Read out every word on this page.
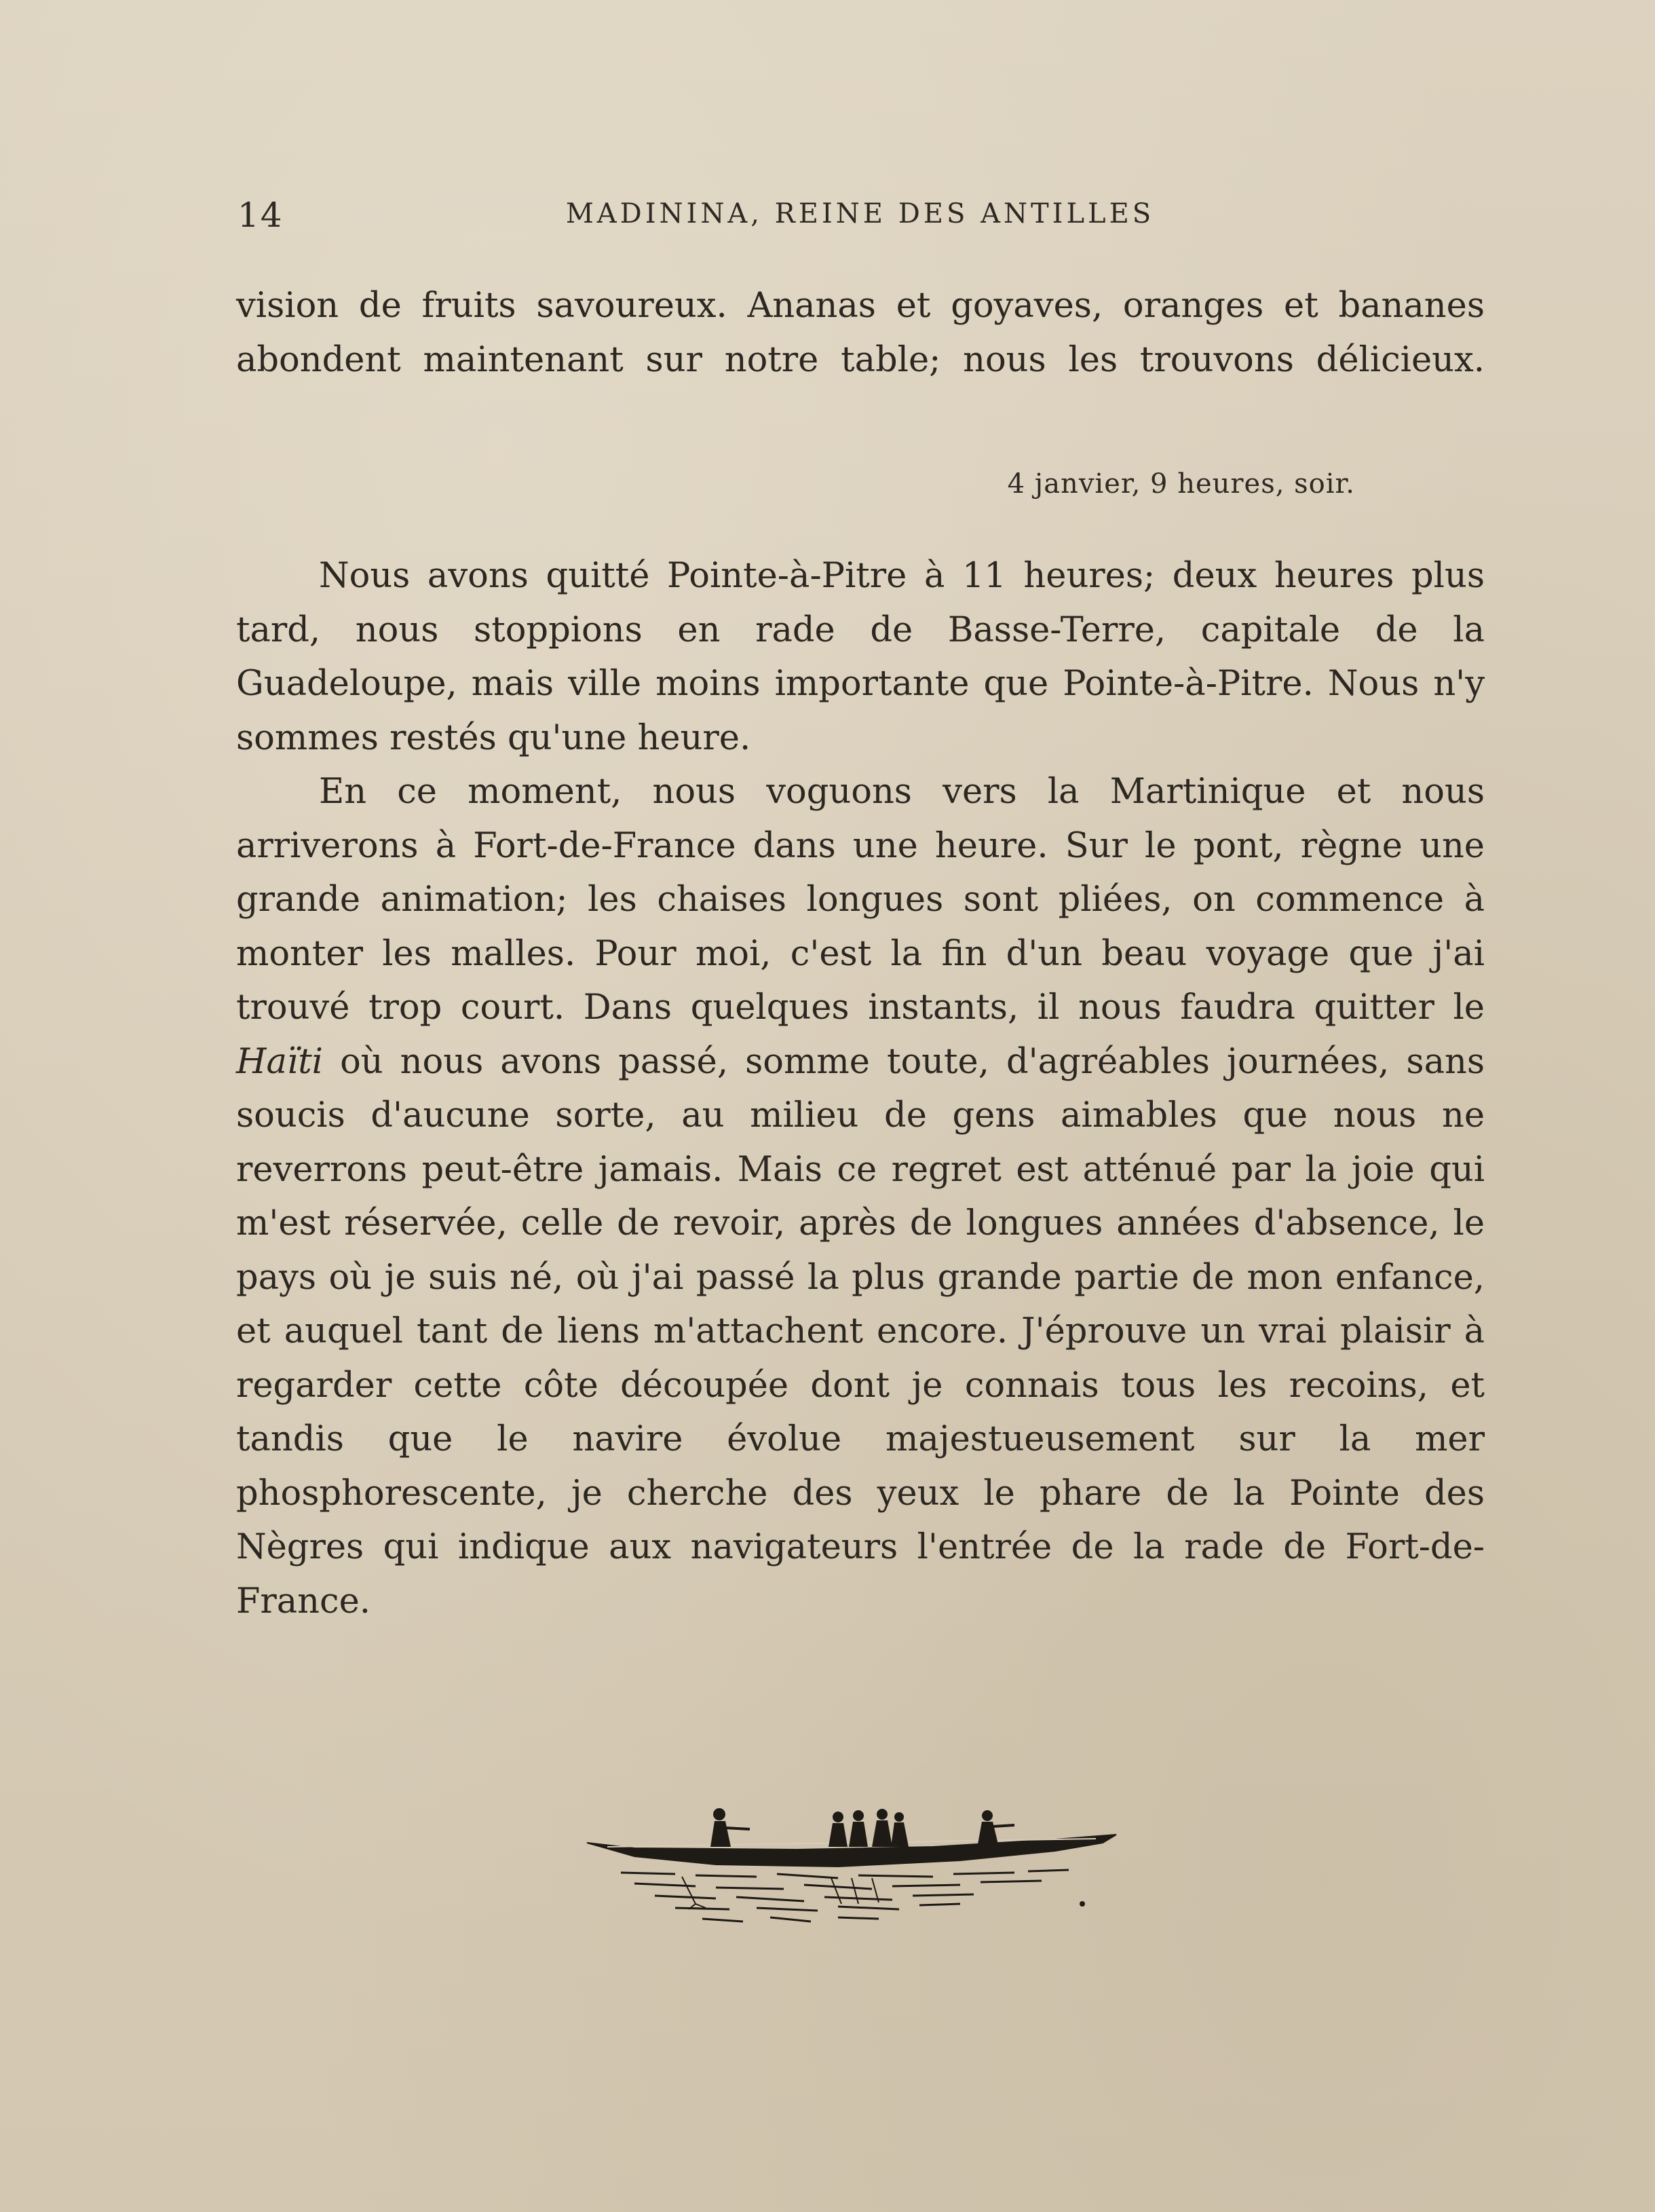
14	MADININA, REINE DES ANTILLES

vision de fruits savoureux. Ananas et goyaves, oranges et bananes abondent maintenant sur notre table; nous les trouvons délicieux.

4 janvier, 9 heures, soir.

Nous avons quitté Pointe-à-Pitre à 11 heures; deux heures plus tard, nous stoppions en rade de Basse-Terre, capitale de la Guadeloupe, mais ville moins importante que Pointe-à-Pitre. Nous n'y sommes restés qu'une heure.

En ce moment, nous voguons vers la Martinique et nous arriverons à Fort-de-France dans une heure. Sur le pont, règne une grande animation; les chaises longues sont pliées, on commence à monter les malles. Pour moi, c'est la fin d'un beau voyage que j'ai trouvé trop court. Dans quelques instants, il nous faudra quitter le Haïti où nous avons passé, somme toute, d'agréables journées, sans soucis d'aucune sorte, au milieu de gens aimables que nous ne reverrons peut-être jamais. Mais ce regret est atténué par la joie qui m'est réservée, celle de revoir, après de longues années d'absence, le pays où je suis né, où j'ai passé la plus grande partie de mon enfance, et auquel tant de liens m'attachent encore. J'éprouve un vrai plaisir à regarder cette côte découpée dont je connais tous les recoins, et tandis que le navire évolue majestueusement sur la mer phosphorescente, je cherche des yeux le phare de la Pointe des Nègres qui indique aux navigateurs l'entrée de la rade de Fort-de-France.
